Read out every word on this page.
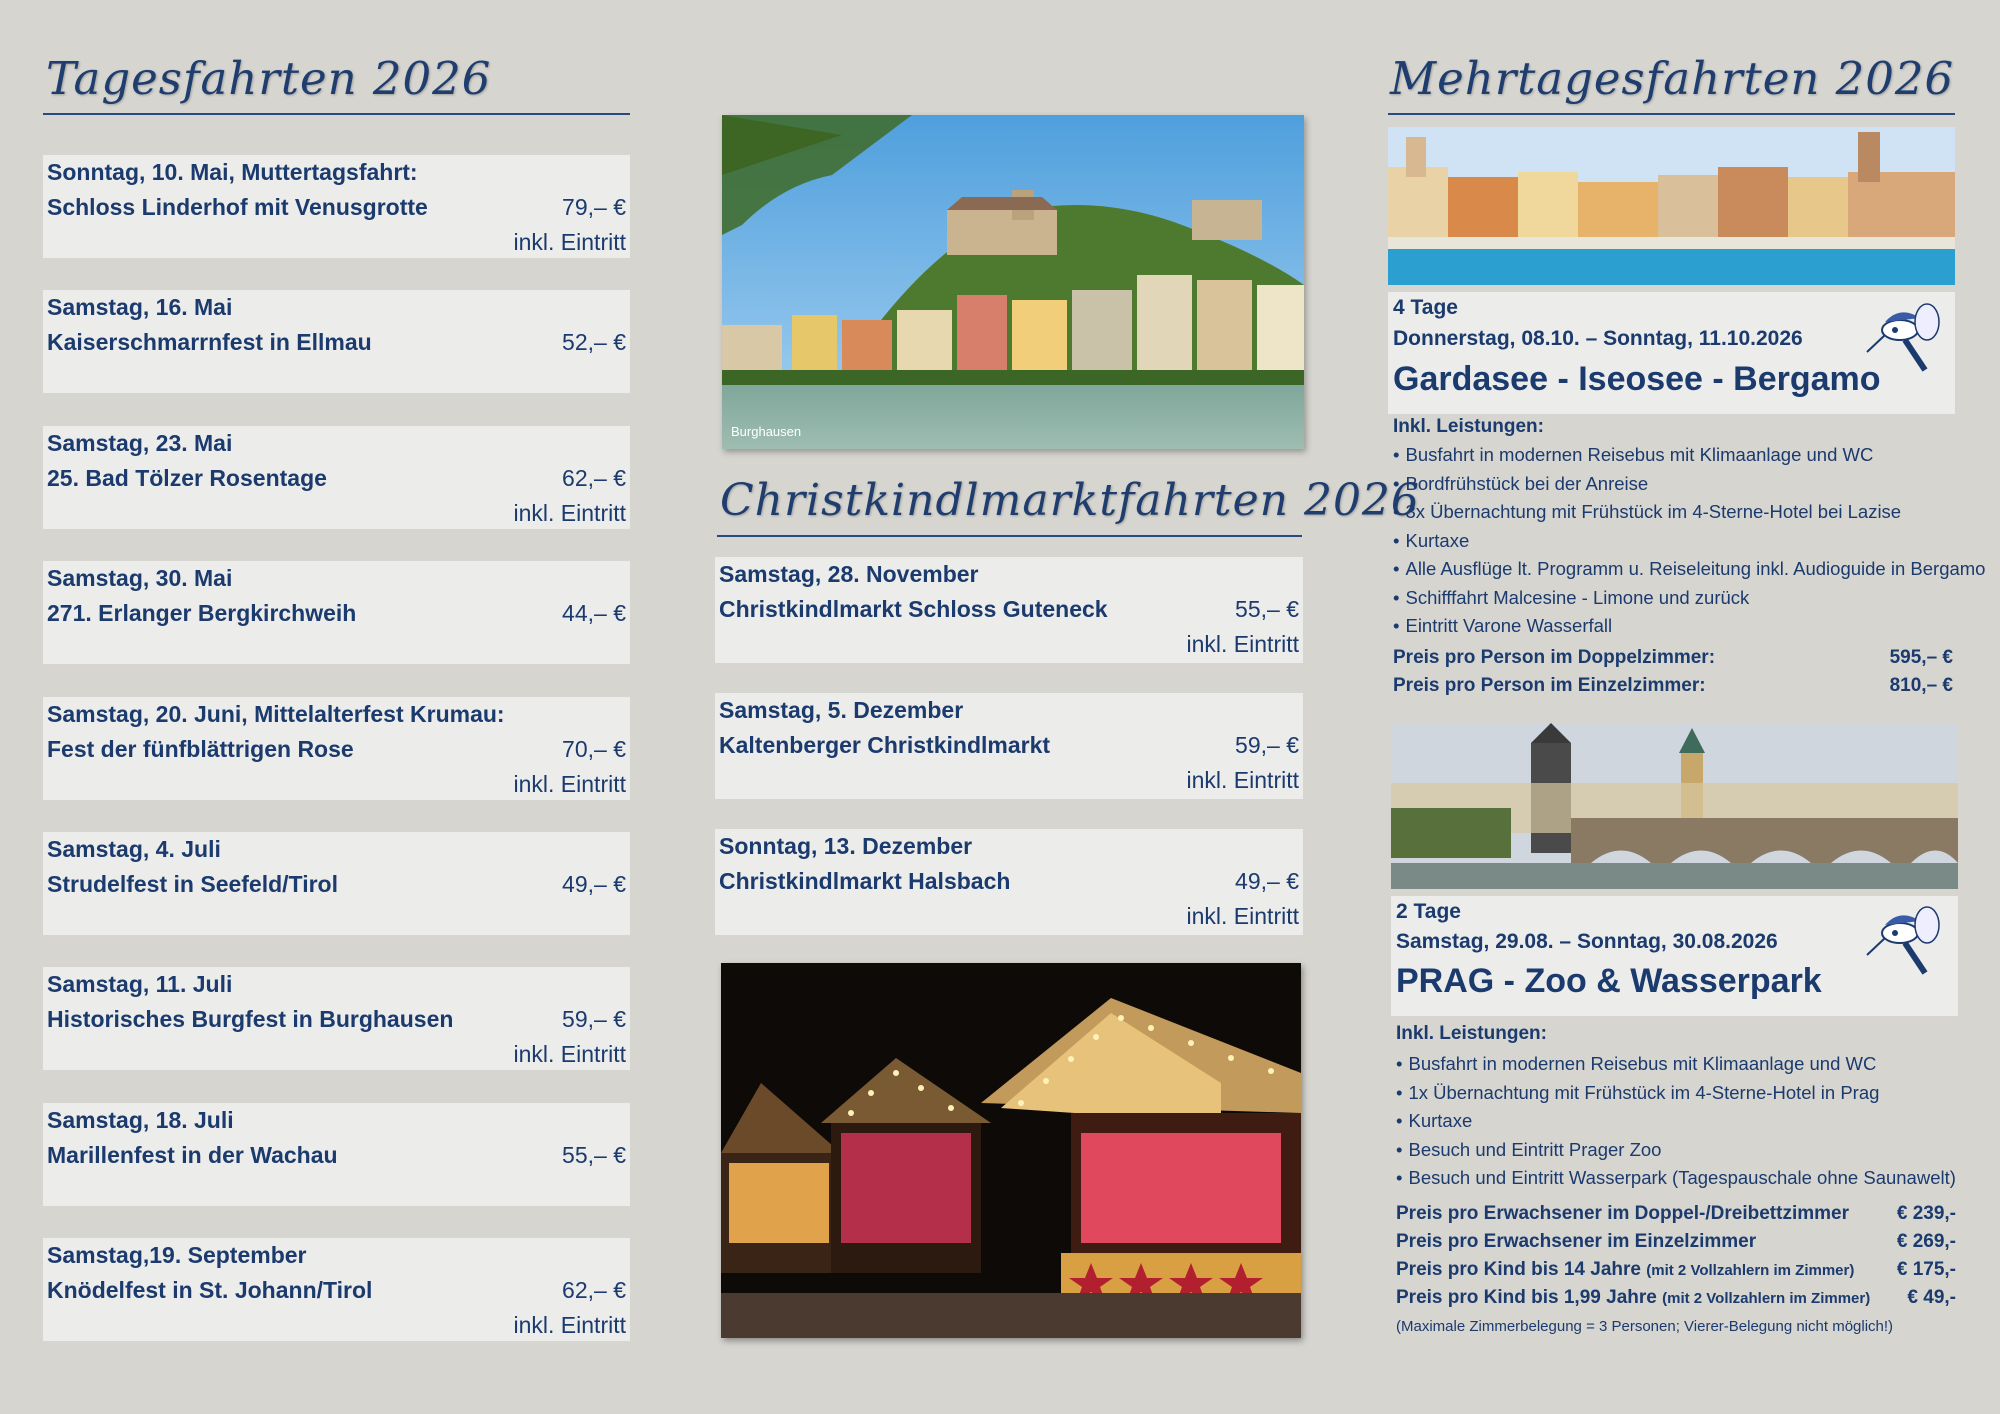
Tagesfahrten 2026
Sonntag, 10. Mai, Muttertagsfahrt:
Schloss Linderhof mit Venusgrotte	79,– €
inkl. Eintritt
Samstag, 16. Mai
Kaiserschmarrnfest in Ellmau	52,– €
Samstag, 23. Mai
25. Bad Tölzer Rosentage	62,– €
inkl. Eintritt
Samstag, 30. Mai
271. Erlanger Bergkirchweih	44,– €
Samstag, 20. Juni, Mittelalterfest Krumau:
Fest der fünfblättrigen Rose	70,– €
inkl. Eintritt
Samstag, 4. Juli
Strudelfest in Seefeld/Tirol	49,– €
Samstag, 11. Juli
Historisches Burgfest in Burghausen	59,– €
inkl. Eintritt
Samstag, 18. Juli
Marillenfest in der Wachau	55,– €
Samstag,19. September
Knödelfest in St. Johann/Tirol	62,– €
inkl. Eintritt
Burghausen
Christkindlmarktfahrten 2026
Samstag, 28. November
Christkindlmarkt Schloss Guteneck	55,– €
inkl. Eintritt
Samstag, 5. Dezember
Kaltenberger Christkindlmarkt	59,– €
inkl. Eintritt
Sonntag, 13. Dezember
Christkindlmarkt Halsbach	49,– €
inkl. Eintritt
Mehrtagesfahrten 2026
4 Tage
Donnerstag, 08.10. – Sonntag, 11.10.2026
Gardasee - Iseosee - Bergamo
Inkl. Leistungen:
• Busfahrt in modernen Reisebus mit Klimaanlage und WC
• Bordfrühstück bei der Anreise
• 3x Übernachtung mit Frühstück im 4-Sterne-Hotel bei Lazise
• Kurtaxe
• Alle Ausflüge lt. Programm u. Reiseleitung inkl. Audioguide in Bergamo
• Schifffahrt Malcesine - Limone und zurück
• Eintritt Varone Wasserfall
Preis pro Person im Doppelzimmer:	595,– €
Preis pro Person im Einzelzimmer:	810,– €
2 Tage
Samstag, 29.08. – Sonntag, 30.08.2026
PRAG - Zoo & Wasserpark
Inkl. Leistungen:
• Busfahrt in modernen Reisebus mit Klimaanlage und WC
• 1x Übernachtung mit Frühstück im 4-Sterne-Hotel in Prag
• Kurtaxe
• Besuch und Eintritt Prager Zoo
• Besuch und Eintritt Wasserpark (Tagespauschale ohne Saunawelt)
Preis pro Erwachsener im Doppel-/Dreibettzimmer	€ 239,-
Preis pro Erwachsener im Einzelzimmer	€ 269,-
Preis pro Kind bis 14 Jahre (mit 2 Vollzahlern im Zimmer) € 175,-
Preis pro Kind bis 1,99 Jahre (mit 2 Vollzahlern im Zimmer) € 49,-
(Maximale Zimmerbelegung = 3 Personen; Vierer-Belegung nicht möglich!)
